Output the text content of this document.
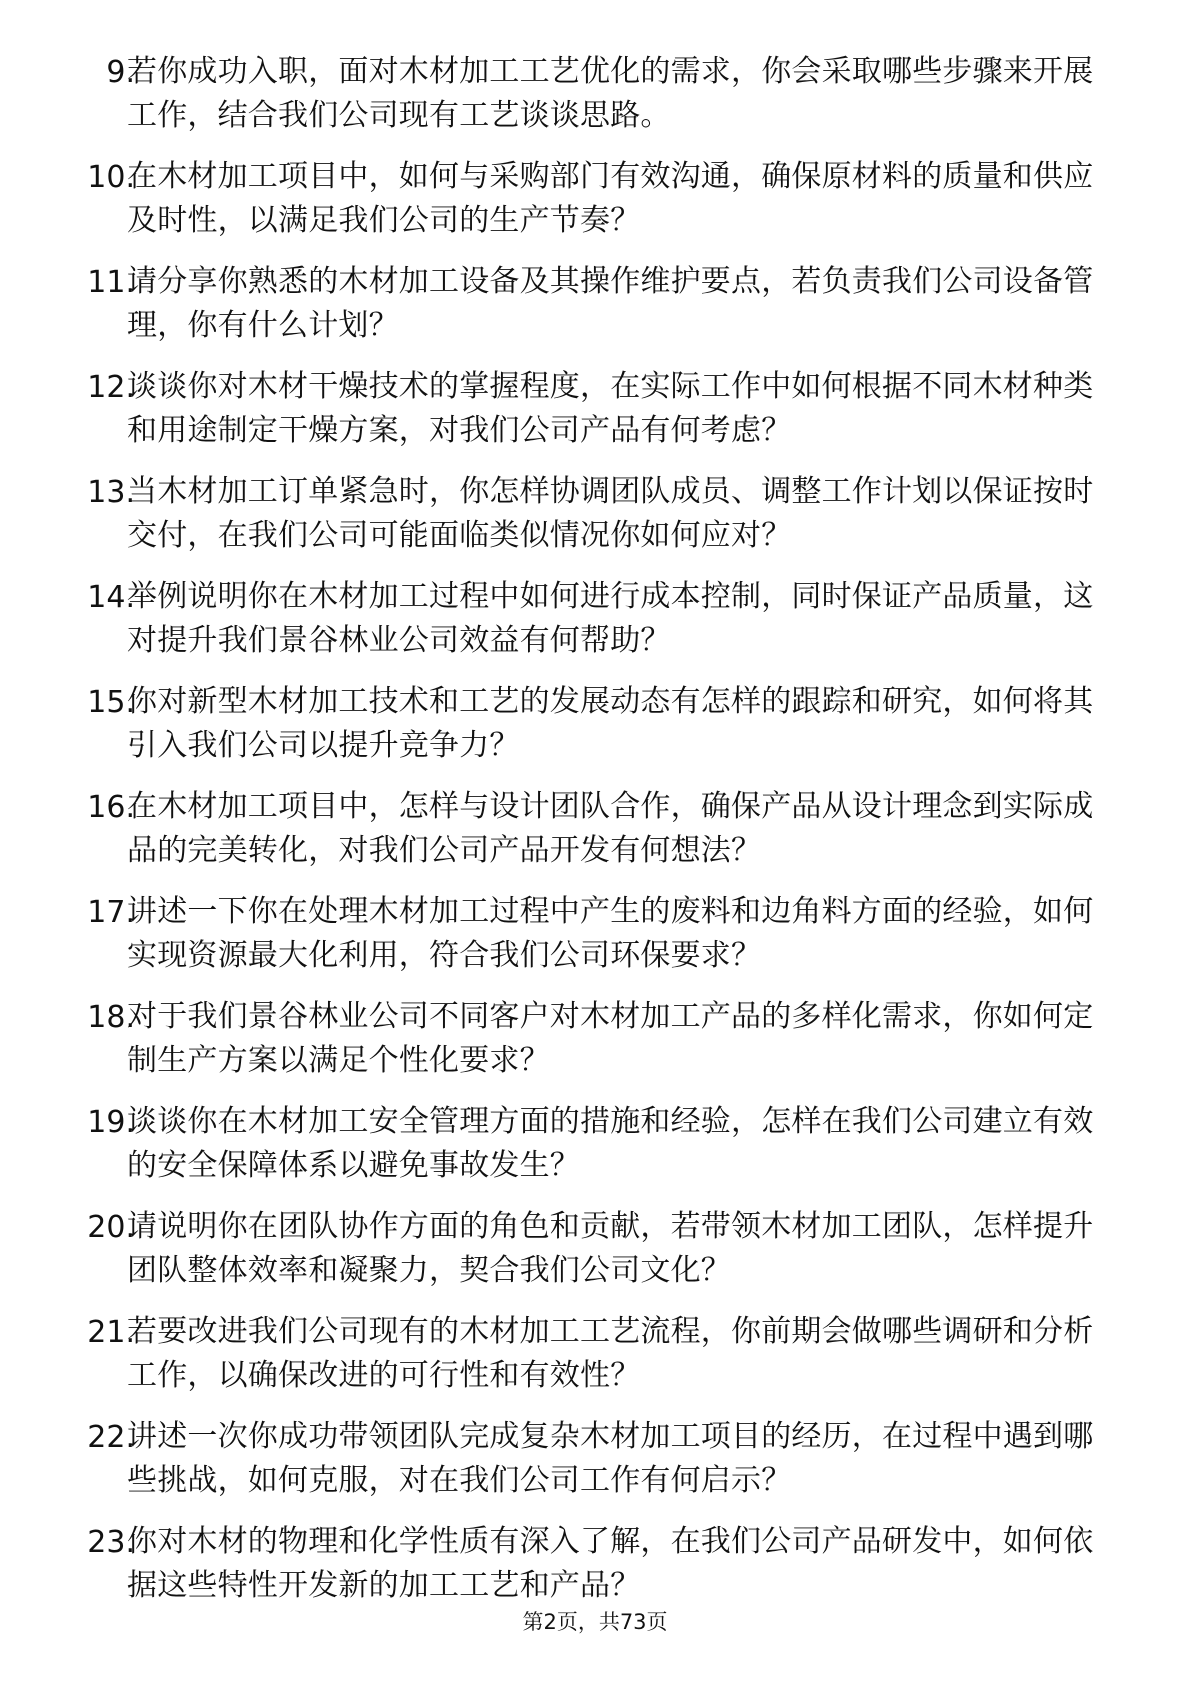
9.
若你成功入职，面对木材加工工艺优化的需求，你会采取哪些步骤来开展工作，结合我们公司现有工艺谈谈思路。
10.
在木材加工项目中，如何与采购部门有效沟通，确保原材料的质量和供应及时性，以满足我们公司的生产节奏？
11.
请分享你熟悉的木材加工设备及其操作维护要点，若负责我们公司设备管理，你有什么计划？
12.
谈谈你对木材干燥技术的掌握程度，在实际工作中如何根据不同木材种类和用途制定干燥方案，对我们公司产品有何考虑？
13.
当木材加工订单紧急时，你怎样协调团队成员、调整工作计划以保证按时交付，在我们公司可能面临类似情况你如何应对？
14.
举例说明你在木材加工过程中如何进行成本控制，同时保证产品质量，这对提升我们景谷林业公司效益有何帮助？
15.
你对新型木材加工技术和工艺的发展动态有怎样的跟踪和研究，如何将其引入我们公司以提升竞争力？
16.
在木材加工项目中，怎样与设计团队合作，确保产品从设计理念到实际成品的完美转化，对我们公司产品开发有何想法？
17.
讲述一下你在处理木材加工过程中产生的废料和边角料方面的经验，如何实现资源最大化利用，符合我们公司环保要求？
18.
对于我们景谷林业公司不同客户对木材加工产品的多样化需求，你如何定制生产方案以满足个性化要求？
19.
谈谈你在木材加工安全管理方面的措施和经验，怎样在我们公司建立有效的安全保障体系以避免事故发生？
20.
请说明你在团队协作方面的角色和贡献，若带领木材加工团队，怎样提升团队整体效率和凝聚力，契合我们公司文化？
21.
若要改进我们公司现有的木材加工工艺流程，你前期会做哪些调研和分析工作，以确保改进的可行性和有效性？
22.
讲述一次你成功带领团队完成复杂木材加工项目的经历，在过程中遇到哪些挑战，如何克服，对在我们公司工作有何启示？
23.
你对木材的物理和化学性质有深入了解，在我们公司产品研发中，如何依据这些特性开发新的加工工艺和产品？
第2页，共73页
